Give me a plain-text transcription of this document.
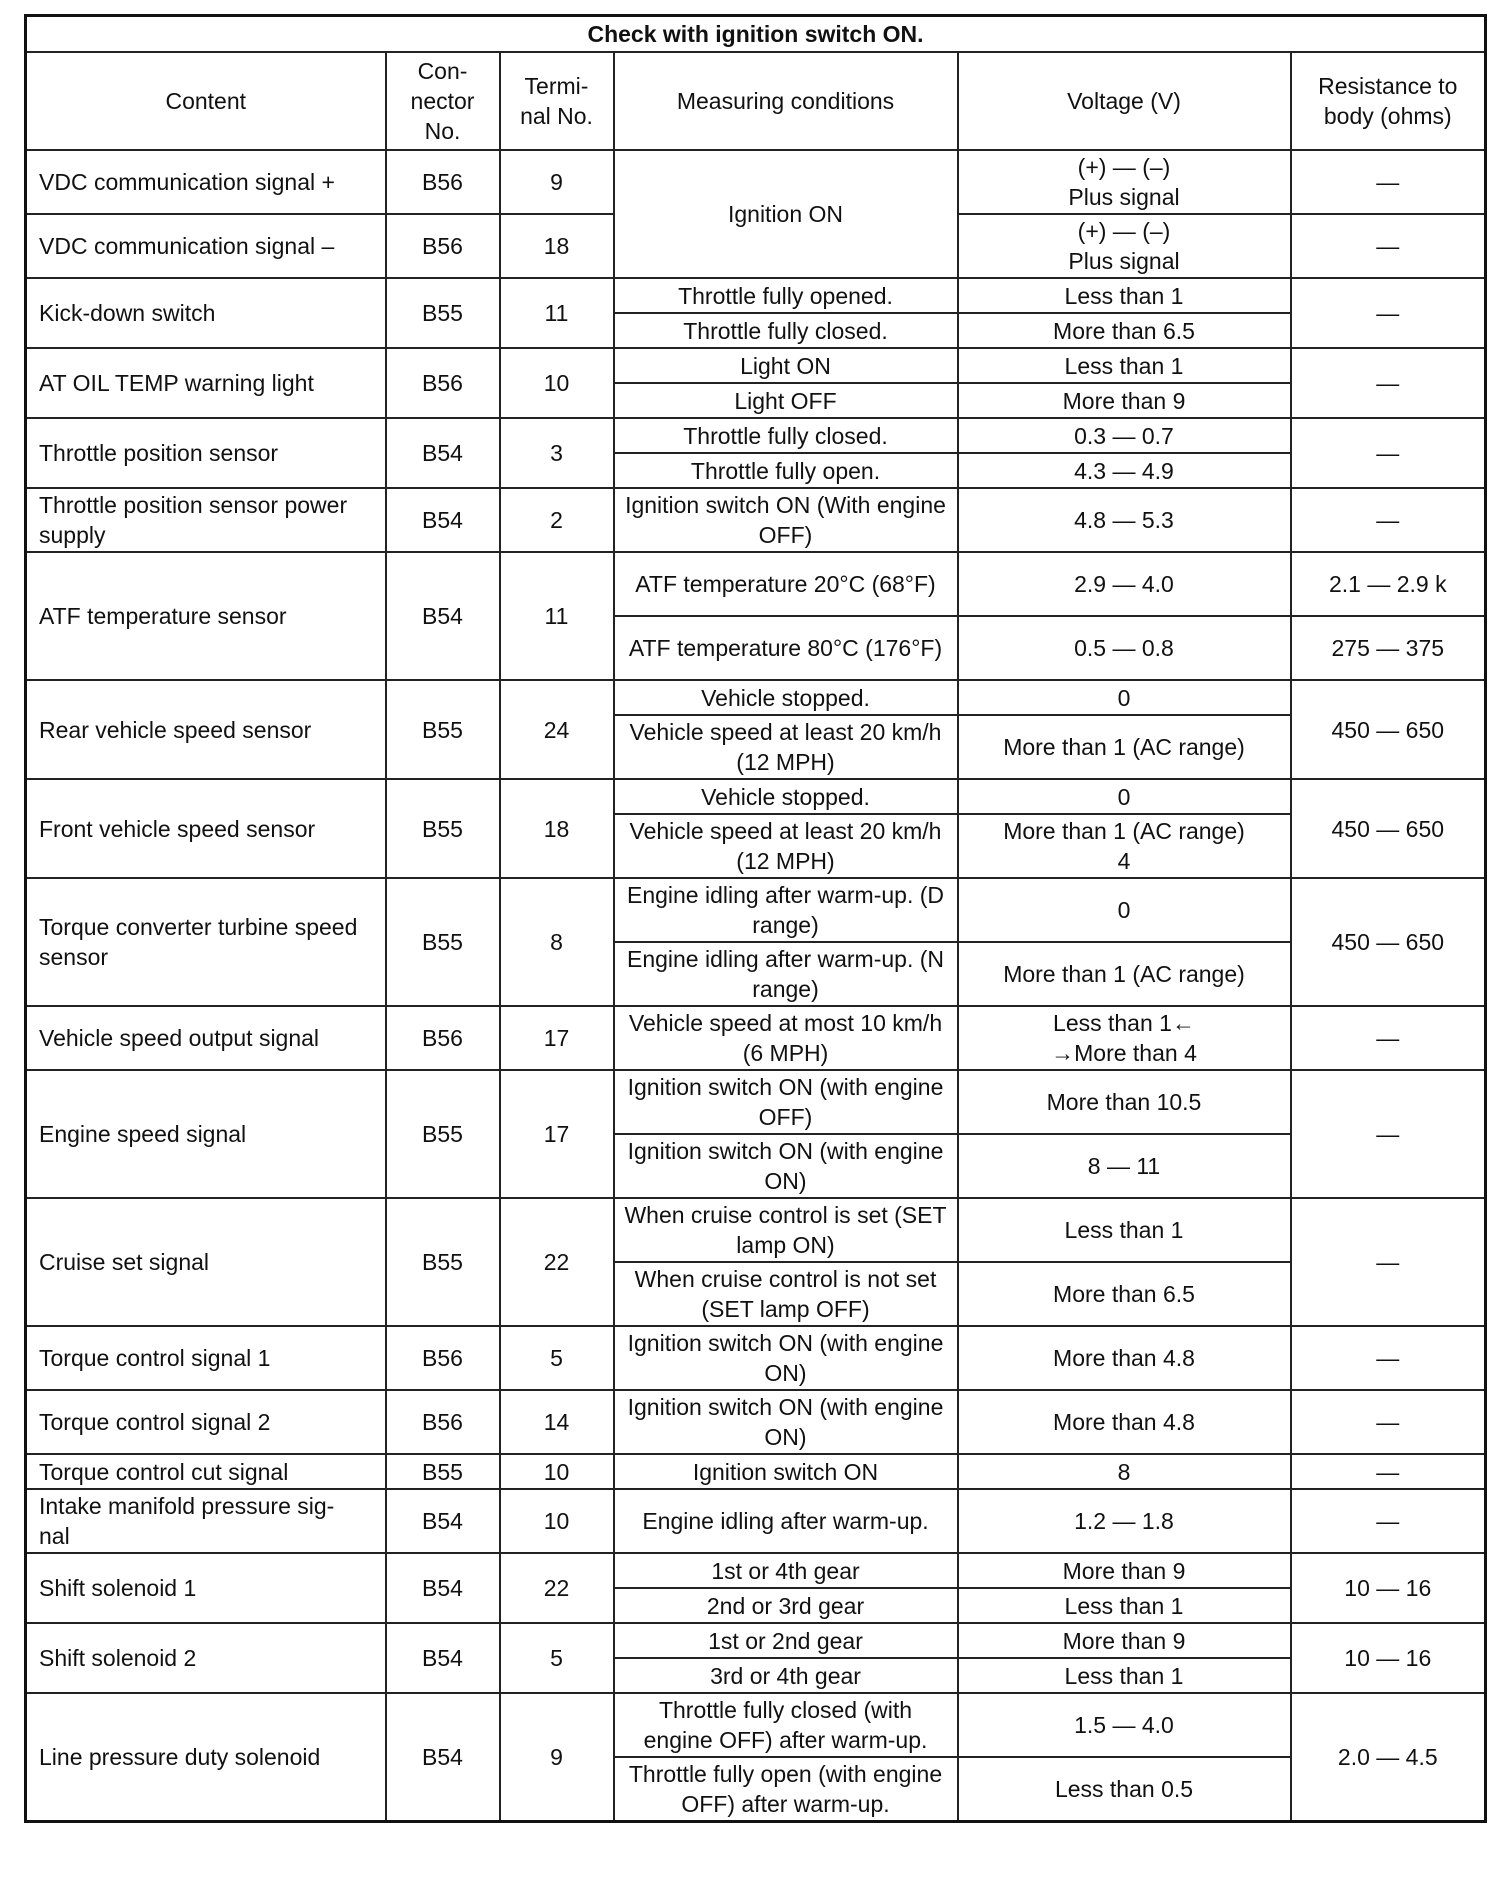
Check with ignition switch ON.					
Content	Con-
nector
No.	Termi-
nal No.	Measuring conditions	Voltage (V)	Resistance to
body (ohms)
VDC communication signal +	B56	9	Ignition ON	(+) — (–)
Plus signal	—
VDC communication signal –	B56	18		(+) — (–)
Plus signal	—
Kick-down switch	B55	11	Throttle fully opened.	Less than 1	—
			Throttle fully closed.	More than 6.5	
AT OIL TEMP warning light	B56	10	Light ON	Less than 1	—
			Light OFF	More than 9	
Throttle position sensor	B54	3	Throttle fully closed.	0.3 — 0.7	—
			Throttle fully open.	4.3 — 4.9	
Throttle position sensor power supply	B54	2	Ignition switch ON (With engine OFF)	4.8 — 5.3	—
ATF temperature sensor	B54	11	ATF temperature 20°C (68°F)	2.9 — 4.0	2.1 — 2.9 k
			ATF temperature 80°C (176°F)	0.5 — 0.8	275 — 375
Rear vehicle speed sensor	B55	24	Vehicle stopped.	0	450 — 650
			Vehicle speed at least 20 km/h (12 MPH)	More than 1 (AC range)	
Front vehicle speed sensor	B55	18	Vehicle stopped.	0	450 — 650
			Vehicle speed at least 20 km/h (12 MPH)	More than 1 (AC range)
4	
Torque converter turbine speed sensor	B55	8	Engine idling after warm-up. (D range)	0	450 — 650
			Engine idling after warm-up. (N range)	More than 1 (AC range)	
Vehicle speed output signal	B56	17	Vehicle speed at most 10 km/h (6 MPH)	Less than 1←
→More than 4	—
Engine speed signal	B55	17	Ignition switch ON (with engine OFF)	More than 10.5	—
			Ignition switch ON (with engine ON)	8 — 11	
Cruise set signal	B55	22	When cruise control is set (SET lamp ON)	Less than 1	—
			When cruise control is not set (SET lamp OFF)	More than 6.5	
Torque control signal 1	B56	5	Ignition switch ON (with engine ON)	More than 4.8	—
Torque control signal 2	B56	14	Ignition switch ON (with engine ON)	More than 4.8	—
Torque control cut signal	B55	10	Ignition switch ON	8	—
Intake manifold pressure sig-
nal	B54	10	Engine idling after warm-up.	1.2 — 1.8	—
Shift solenoid 1	B54	22	1st or 4th gear	More than 9	10 — 16
			2nd or 3rd gear	Less than 1	
Shift solenoid 2	B54	5	1st or 2nd gear	More than 9	10 — 16
			3rd or 4th gear	Less than 1	
Line pressure duty solenoid	B54	9	Throttle fully closed (with engine OFF) after warm-up.	1.5 — 4.0	2.0 — 4.5
			Throttle fully open (with engine OFF) after warm-up.	Less than 0.5	
